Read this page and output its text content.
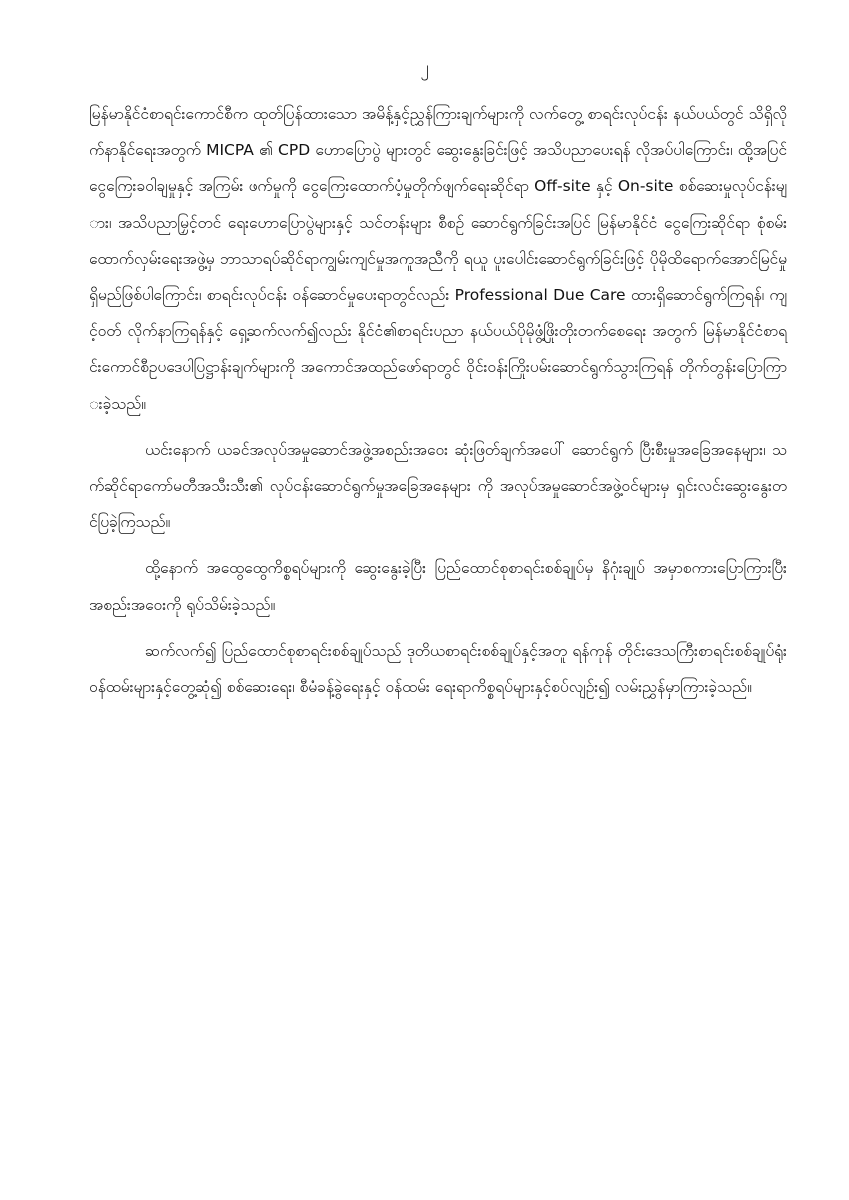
၂

မြန်မာနိုင်ငံစာရင်းကောင်စီက ထုတ်ပြန်ထားသော အမိန့်နှင့်ညွှန်ကြားချက်များကို လက်တွေ့ စာရင်းလုပ်ငန်း နယ်ပယ်တွင် သိရှိလိုက်နာနိုင်ရေးအတွက် MICPA ၏ CPD ဟောပြောပွဲ များတွင် ဆွေးနွေးခြင်းဖြင့် အသိပညာပေးရန် လိုအပ်ပါကြောင်း၊ ထို့အပြင် ငွေကြေးခဝါချမှုနှင့် အကြမ်း ဖက်မှုကို ငွေကြေးထောက်ပံ့မှုတိုက်ဖျက်ရေးဆိုင်ရာ Off-site နှင့် On-site စစ်ဆေးမှုလုပ်ငန်းများ၊ အသိပညာမြှင့်တင် ရေးဟောပြောပွဲများနှင့် သင်တန်းများ စီစဉ် ဆောင်ရွက်ခြင်းအပြင် မြန်မာနိုင်ငံ ငွေကြေးဆိုင်ရာ စုံစမ်းထောက်လှမ်းရေးအဖွဲ့မှ ဘာသာရပ်ဆိုင်ရာကျွမ်းကျင်မှုအကူအညီကို ရယူ ပူးပေါင်းဆောင်ရွက်ခြင်းဖြင့် ပိုမိုထိရောက်အောင်မြင်မှု ရှိမည်ဖြစ်ပါကြောင်း၊ စာရင်းလုပ်ငန်း ဝန်ဆောင်မှုပေးရာတွင်လည်း Professional Due Care ထားရှိဆောင်ရွက်ကြရန်၊ ကျင့်ဝတ် လိုက်နာကြရန်နှင့် ရှေ့ဆက်လက်၍လည်း နိုင်ငံ၏စာရင်းပညာ နယ်ပယ်ပိုမိုဖွံ့ဖြိုးတိုးတက်စေရေး အတွက် မြန်မာနိုင်ငံစာရင်းကောင်စီဥပဒေပါပြဋ္ဌာန်းချက်များကို အကောင်အထည်ဖော်ရာတွင် ဝိုင်းဝန်းကြိုးပမ်းဆောင်ရွက်သွားကြရန် တိုက်တွန်းပြောကြားခဲ့သည်။

ယင်းနောက် ယခင်အလုပ်အမှုဆောင်အဖွဲ့အစည်းအဝေး ဆုံးဖြတ်ချက်အပေါ် ဆောင်ရွက် ပြီးစီးမှုအခြေအနေများ၊ သက်ဆိုင်ရာကော်မတီအသီးသီး၏ လုပ်ငန်းဆောင်ရွက်မှုအခြေအနေများ ကို အလုပ်အမှုဆောင်အဖွဲ့ဝင်များမှ ရှင်းလင်းဆွေးနွေးတင်ပြခဲ့ကြသည်။

ထို့နောက် အထွေထွေကိစ္စရပ်များကို ဆွေးနွေးခဲ့ပြီး ပြည်ထောင်စုစာရင်းစစ်ချုပ်မှ နိဂုံးချုပ် အမှာစကားပြောကြားပြီး အစည်းအဝေးကို ရုပ်သိမ်းခဲ့သည်။

ဆက်လက်၍ ပြည်ထောင်စုစာရင်းစစ်ချုပ်သည် ဒုတိယစာရင်းစစ်ချုပ်နှင့်အတူ ရန်ကုန် တိုင်းဒေသကြီးစာရင်းစစ်ချုပ်ရုံး ဝန်ထမ်းများနှင့်တွေ့ဆုံ၍ စစ်ဆေးရေး၊ စီမံခန့်ခွဲရေးနှင့် ဝန်ထမ်း ရေးရာကိစ္စရပ်များနှင့်စပ်လျဉ်း၍ လမ်းညွှန်မှာကြားခဲ့သည်။
